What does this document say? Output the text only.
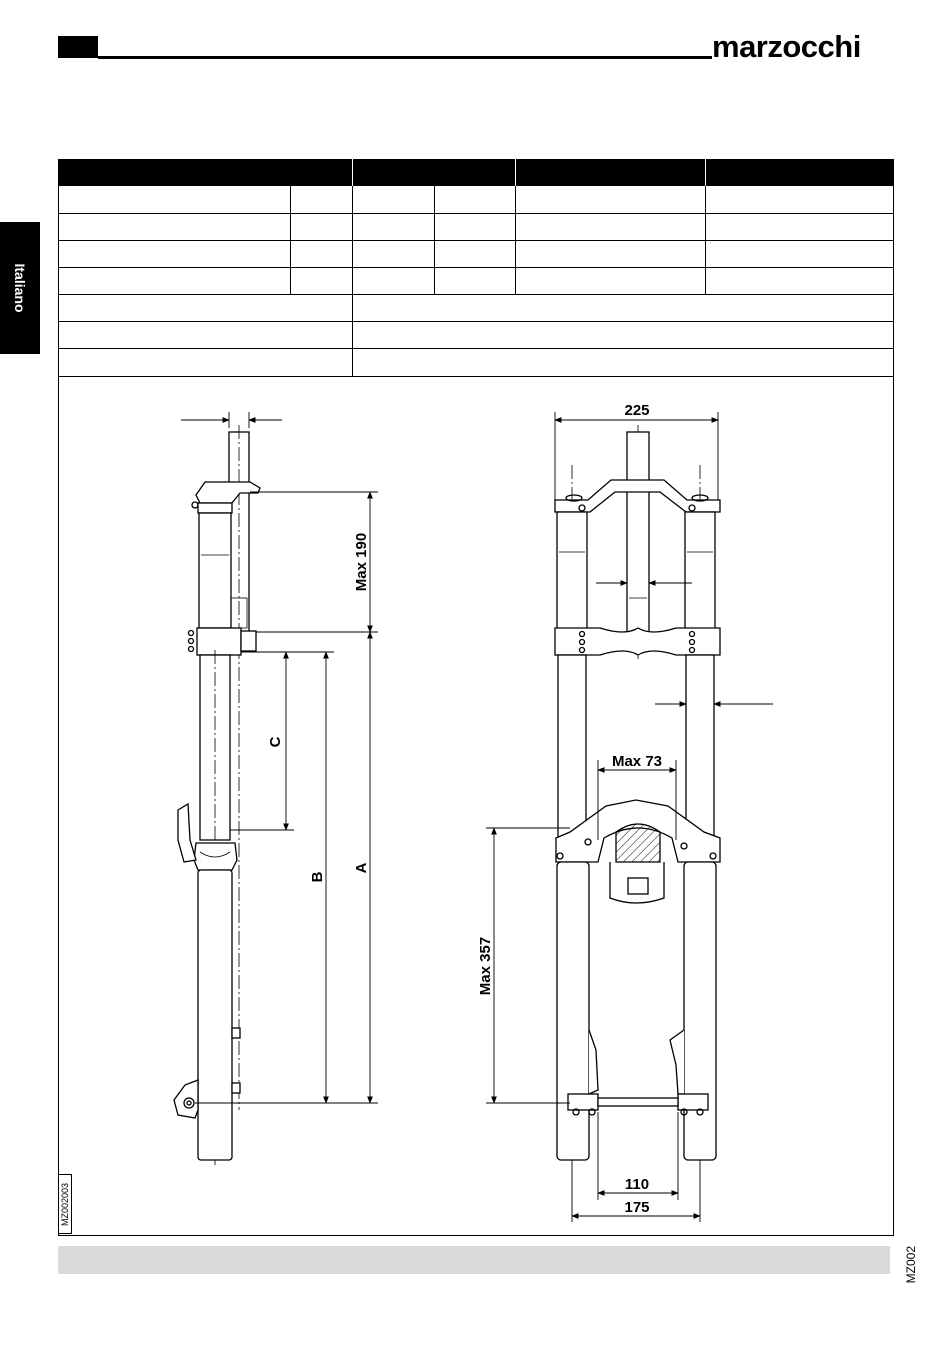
marzocchi
Italiano
Max 190
C
B
A
225
Max 73
Max 357
110
175
MZ002003
MZ002
